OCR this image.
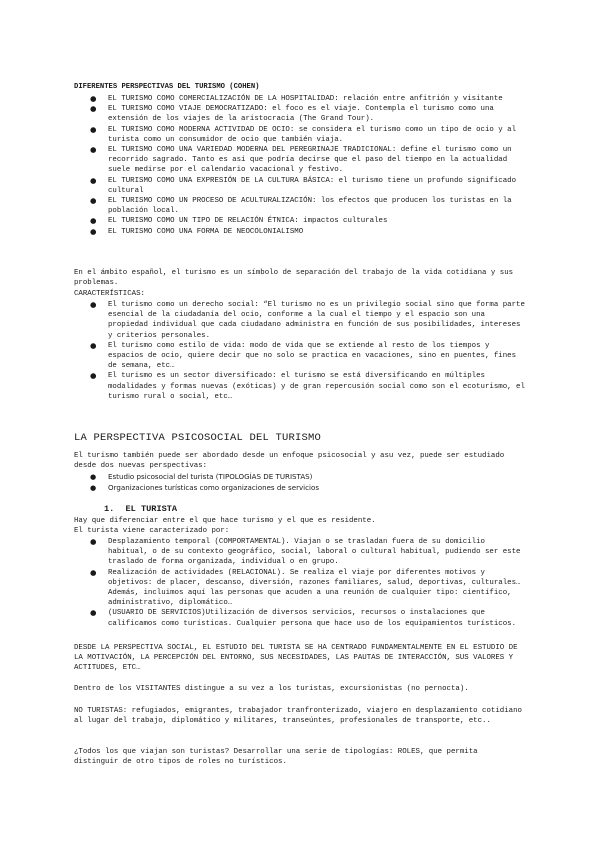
DIFERENTES PERSPECTIVAS DEL TURISMO (COHEN)
● EL TURISMO COMO COMERCIALIZACIÓN DE LA HOSPITALIDAD: relación entre anfitrión y visitante
● EL TURISMO COMO VIAJE DEMOCRATIZADO: el foco es el viaje. Contempla el turismo como una extensión de los viajes de la aristocracia (The Grand Tour).
● EL TURISMO COMO MODERNA ACTIVIDAD DE OCIO: se considera el turismo como un tipo de ocio y al turista como un consumidor de ocio que también viaja.
● EL TURISMO COMO UNA VARIEDAD MODERNA DEL PEREGRINAJE TRADICIONAL: define el turismo como un recorrido sagrado. Tanto es así que podría decirse que el paso del tiempo en la actualidad suele medirse por el calendario vacacional y festivo.
● EL TURISMO COMO UNA EXPRESIÓN DE LA CULTURA BÁSICA: el turismo tiene un profundo significado cultural
● EL TURISMO COMO UN PROCESO DE ACULTURALIZACIÓN: los efectos que producen los turistas en la población local.
● EL TURISMO COMO UN TIPO DE RELACIÓN ÉTNICA: impactos culturales
● EL TURISMO COMO UNA FORMA DE NEOCOLONIALISMO
En el ámbito español, el turismo es un símbolo de separación del trabajo de la vida cotidiana y sus problemas.
CARACTERÍSTICAS:
● El turismo como un derecho social: “El turismo no es un privilegio social sino que forma parte esencial de la ciudadanía del ocio, conforme a la cual el tiempo y el espacio son una propiedad individual que cada ciudadano administra en función de sus posibilidades, intereses y criterios personales.
● El turismo como estilo de vida: modo de vida que se extiende al resto de los tiempos y espacios de ocio, quiere decir que no solo se practica en vacaciones, sino en puentes, fines de semana, etc…
● El turismo es un sector diversificado: el turismo se está diversificando en múltiples modalidades y formas nuevas (exóticas) y de gran repercusión social como son el ecoturismo, el turismo rural o social, etc…
LA PERSPECTIVA PSICOSOCIAL DEL TURISMO
El turismo también puede ser abordado desde un enfoque psicosocial y asu vez, puede ser estudiado desde dos nuevas perspectivas:
● Estudio psicosocial del turista (TIPOLOGÍAS DE TURISTAS)
● Organizaciones turísticas como organizaciones de servicios
1. EL TURISTA
Hay que diferenciar entre el que hace turismo y el que es residente.
El turista viene caracterizado por:
● Desplazamiento temporal (COMPORTAMENTAL). Viajan o se trasladan fuera de su domicilio habitual, o de su contexto geográfico, social, laboral o cultural habitual, pudiendo ser este traslado de forma organizada, individual o en grupo.
● Realización de actividades (RELACIONAL). Se realiza el viaje por diferentes motivos y objetivos: de placer, descanso, diversión, razones familiares, salud, deportivas, culturales… Además, incluimos aquí las personas que acuden a una reunión de cualquier tipo: científico, administrativo, diplomático…
● (USUARIO DE SERVICIOS)Utilización de diversos servicios, recursos o instalaciones que calificamos como turísticas. Cualquier persona que hace uso de los equipamientos turísticos.
DESDE LA PERSPECTIVA SOCIAL, EL ESTUDIO DEL TURISTA SE HA CENTRADO FUNDAMENTALMENTE EN EL ESTUDIO DE LA MOTIVACIÓN, LA PERCEPCIÓN DEL ENTORNO, SUS NECESIDADES, LAS PAUTAS DE INTERACCIÓN, SUS VALORES Y ACTITUDES, ETC…
Dentro de los VISITANTES distingue a su vez a los turistas, excursionistas (no pernocta).
NO TURISTAS: refugiados, emigrantes, trabajador tranfronterizado, viajero en desplazamiento cotidiano al lugar del trabajo, diplomático y militares, transeúntes, profesionales de transporte, etc..
¿Todos los que viajan son turistas? Desarrollar una serie de tipologías: ROLES, que permita distinguir de otro tipos de roles no turísticos.
